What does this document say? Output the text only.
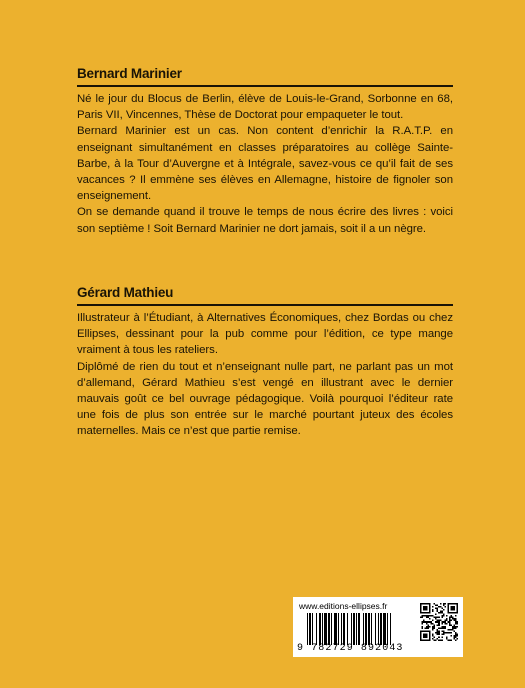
Bernard Marinier

Né le jour du Blocus de Berlin, élève de Louis-le-Grand, Sorbonne en 68, Paris VII, Vincennes, Thèse de Doctorat pour empaqueter le tout.

Bernard Marinier est un cas. Non content d’enrichir la R.A.T.P. en enseignant simultanément en classes préparatoires au collège Sainte-Barbe, à la Tour d’Auvergne et à Intégrale, savez-vous ce qu’il fait de ses vacances ? Il emmène ses élèves en Allemagne, histoire de fignoler son enseignement.

On se demande quand il trouve le temps de nous écrire des livres : voici son septième ! Soit Bernard Marinier ne dort jamais, soit il a un nègre.

Gérard Mathieu

Illustrateur à l’Étudiant, à Alternatives Économiques, chez Bordas ou chez Ellipses, dessinant pour la pub comme pour l’édition, ce type mange vraiment à tous les rateliers.

Diplômé de rien du tout et n’enseignant nulle part, ne parlant pas un mot d’allemand, Gérard Mathieu s’est vengé en illustrant avec le dernier mauvais goût ce bel ouvrage pédagogique. Voilà pourquoi l’éditeur rate une fois de plus son entrée sur le marché pourtant juteux des écoles maternelles. Mais ce n’est que partie remise.

www.editions-ellipses.fr
9 782729 892043
